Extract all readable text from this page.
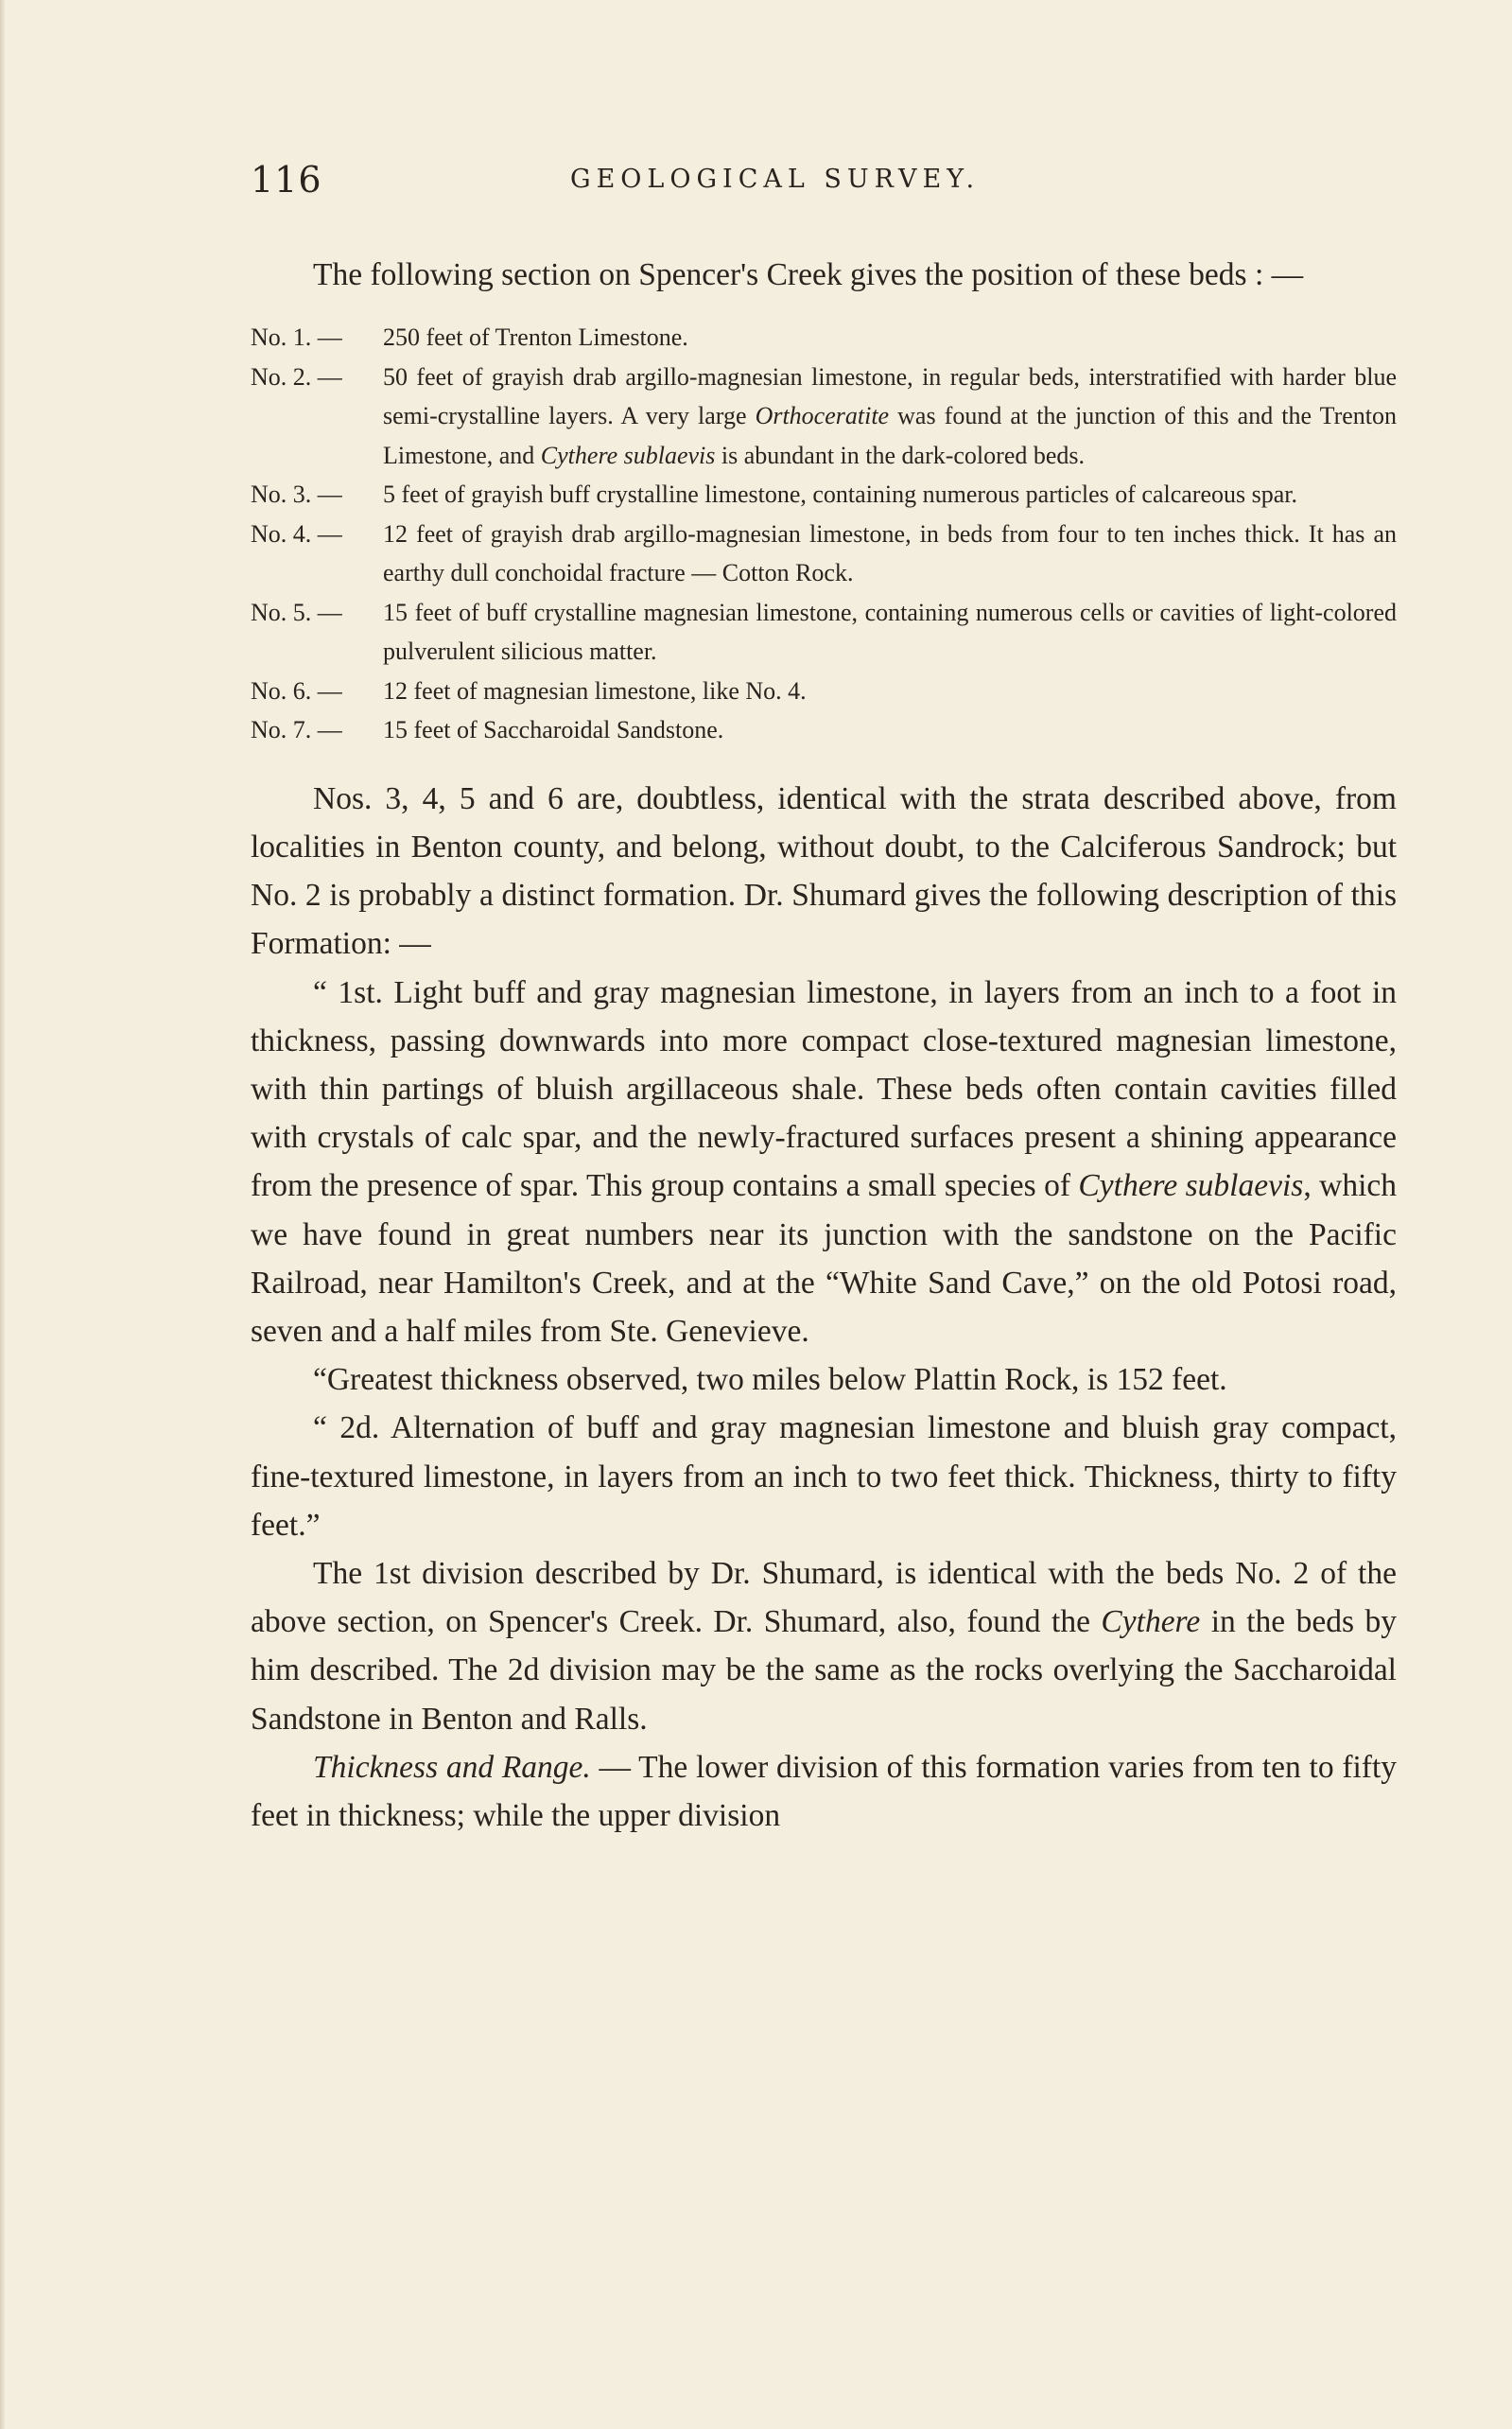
116	GEOLOGICAL SURVEY.

The following section on Spencer's Creek gives the position of these beds : —

No. 1. —	250 feet of Trenton Limestone.
No. 2. —	50 feet of grayish drab argillo-magnesian limestone, in regular beds, interstratified with harder blue semi-crystalline layers. A very large Orthoceratite was found at the junction of this and the Trenton Limestone, and Cythere sublaevis is abundant in the dark-colored beds.
No. 3. —	5 feet of grayish buff crystalline limestone, containing numerous particles of calcareous spar.
No. 4. —	12 feet of grayish drab argillo-magnesian limestone, in beds from four to ten inches thick. It has an earthy dull conchoidal fracture — Cotton Rock.
No. 5. —	15 feet of buff crystalline magnesian limestone, containing numerous cells or cavities of light-colored pulverulent silicious matter.
No. 6. —	12 feet of magnesian limestone, like No. 4.
No. 7. —	15 feet of Saccharoidal Sandstone.

Nos. 3, 4, 5 and 6 are, doubtless, identical with the strata described above, from localities in Benton county, and belong, without doubt, to the Calciferous Sandrock; but No. 2 is probably a distinct formation. Dr. Shumard gives the following description of this Formation: —

“ 1st. Light buff and gray magnesian limestone, in layers from an inch to a foot in thickness, passing downwards into more compact close-textured magnesian limestone, with thin partings of bluish argillaceous shale. These beds often contain cavities filled with crystals of calc spar, and the newly-fractured surfaces present a shining appearance from the presence of spar. This group contains a small species of Cythere sublaevis, which we have found in great numbers near its junction with the sandstone on the Pacific Railroad, near Hamilton's Creek, and at the “White Sand Cave,” on the old Potosi road, seven and a half miles from Ste. Genevieve.

“Greatest thickness observed, two miles below Plattin Rock, is 152 feet.

“ 2d. Alternation of buff and gray magnesian limestone and bluish gray compact, fine-textured limestone, in layers from an inch to two feet thick. Thickness, thirty to fifty feet.”

The 1st division described by Dr. Shumard, is identical with the beds No. 2 of the above section, on Spencer's Creek. Dr. Shumard, also, found the Cythere in the beds by him described. The 2d division may be the same as the rocks overlying the Saccharoidal Sandstone in Benton and Ralls.

Thickness and Range. — The lower division of this formation varies from ten to fifty feet in thickness; while the upper division
